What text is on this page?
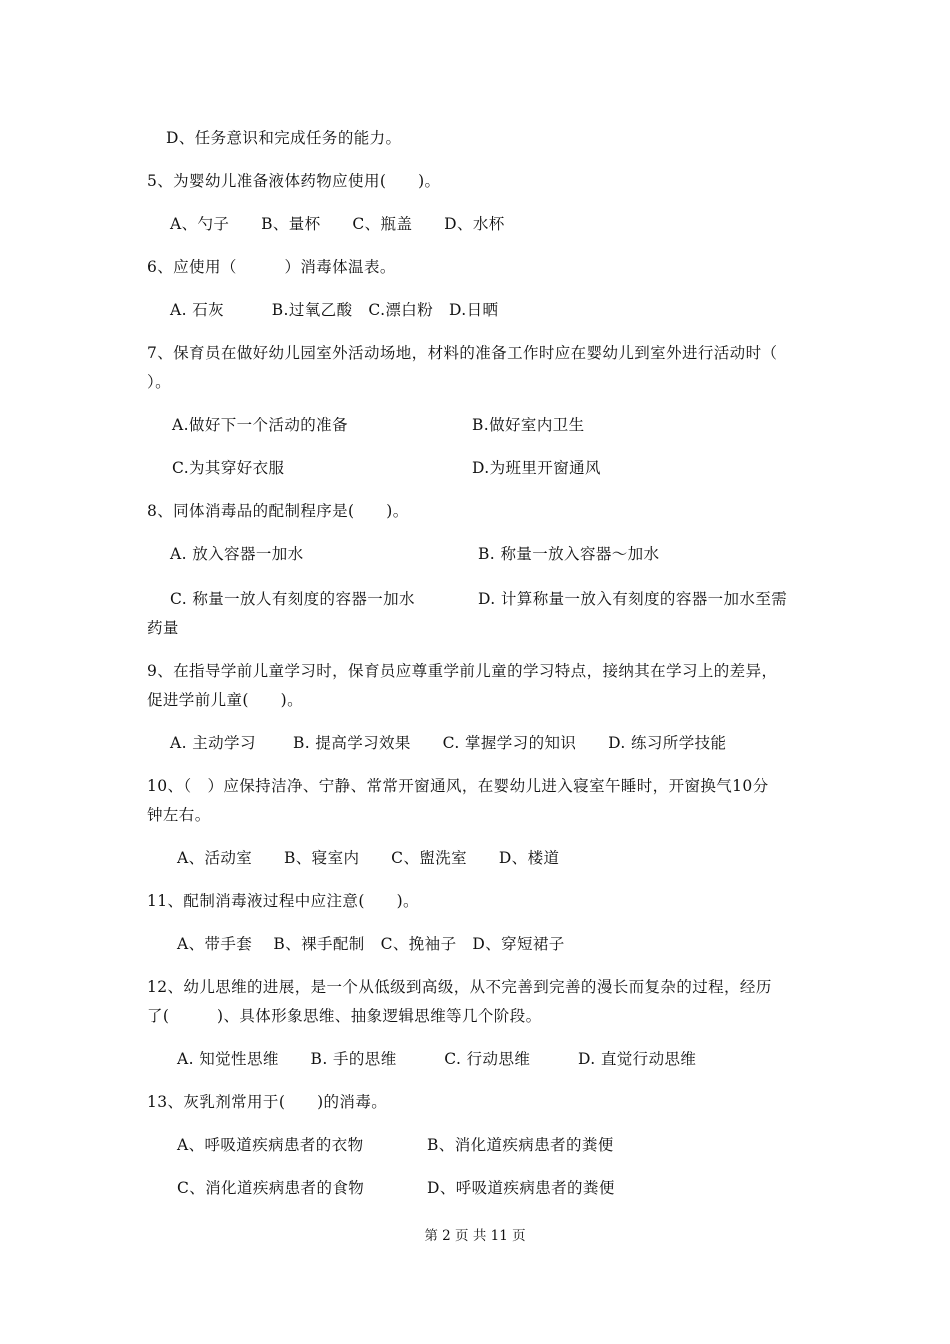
D、任务意识和完成任务的能力。
5、为婴幼儿准备液体药物应使用(　　)。
A、勺子　　B、量杯　　C、瓶盖　　D、水杯
6、应使用（　　　）消毒体温表。
A. 石灰　　　B.过氧乙酸　C.漂白粉　D.日晒
7、保育员在做好幼儿园室外活动场地，材料的准备工作时应在婴幼儿到室外进行活动时（
）。
A.做好下一个活动的准备	B.做好室内卫生
C.为其穿好衣服	D.为班里开窗通风
8、同体消毒品的配制程序是(　　)。
A. 放入容器一加水	B. 称量一放入容器～加水
C. 称量一放人有刻度的容器一加水	D. 计算称量一放入有刻度的容器一加水至需
药量
9、在指导学前儿童学习时，保育员应尊重学前儿童的学习特点，接纳其在学习上的差异，
促进学前儿童(　　)。
A. 主动学习　　 B. 提高学习效果　　C. 掌握学习的知识　　D. 练习所学技能
10、（　）应保持洁净、宁静、常常开窗通风，在婴幼儿进入寝室午睡时，开窗换气10分
钟左右。
A、活动室　　B、寝室内　　C、盥洗室　　D、楼道
11、配制消毒液过程中应注意(　　)。
A、带手套　 B、裸手配制　C、挽袖子　D、穿短裙子
12、幼儿思维的进展，是一个从低级到高级，从不完善到完善的漫长而复杂的过程，经历
了(　　　)、具体形象思维、抽象逻辑思维等几个阶段。
A. 知觉性思维　　B. 手的思维　　　C. 行动思维　　　D. 直觉行动思维
13、灰乳剂常用于(　　)的消毒。
A、呼吸道疾病患者的衣物	B、消化道疾病患者的粪便
C、消化道疾病患者的食物	D、呼吸道疾病患者的粪便
第 2 页 共 11 页
